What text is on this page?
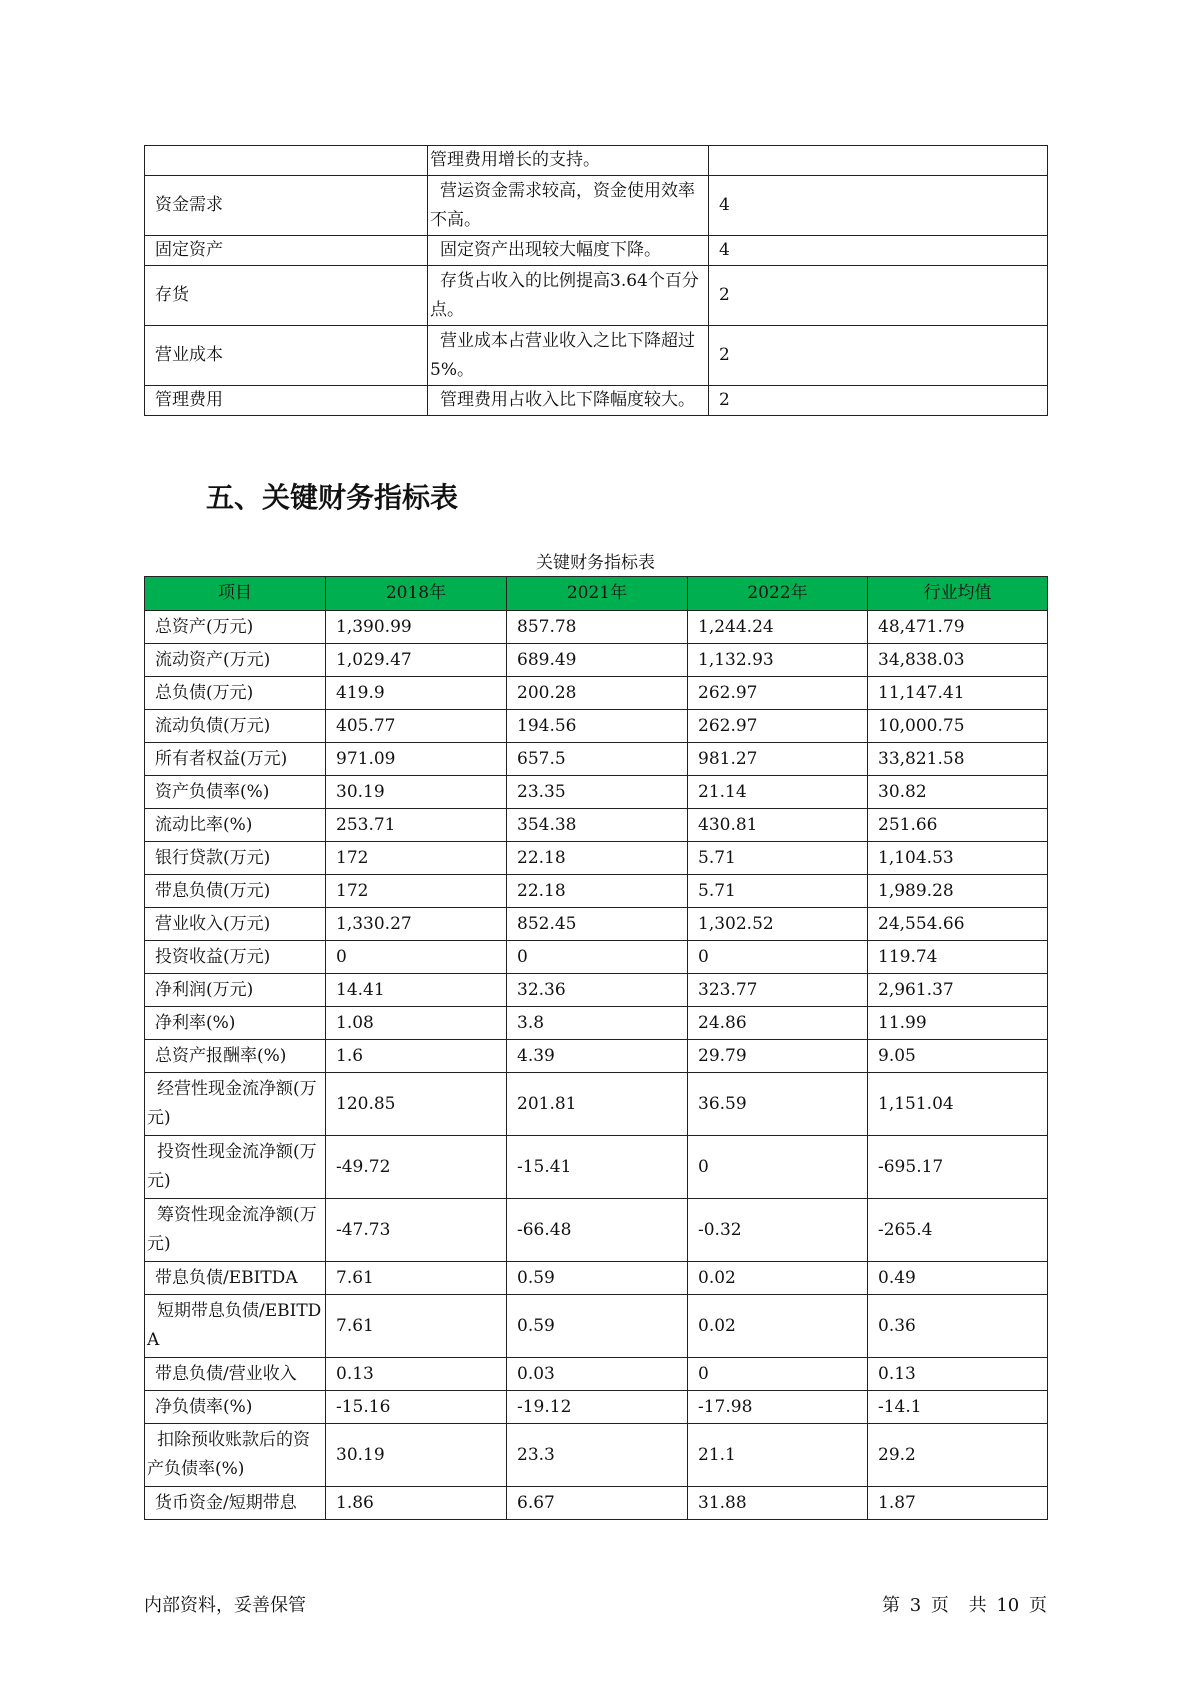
	管理费用增长的支持。	

资金需求	营运资金需求较高，资金使用效率不高。	4
固定资产	固定资产出现较大幅度下降。	4
存货	存货占收入的比例提高3.64个百分点。	2
营业成本	营业成本占营业收入之比下降超过5%。	2
管理费用	管理费用占收入比下降幅度较大。	2
五、关键财务指标表
关键财务指标表
项目	2018年	2021年	2022年	行业均值
总资产(万元)	1,390.99	857.78	1,244.24	48,471.79
流动资产(万元)	1,029.47	689.49	1,132.93	34,838.03
总负债(万元)	419.9	200.28	262.97	11,147.41
流动负债(万元)	405.77	194.56	262.97	10,000.75
所有者权益(万元)	971.09	657.5	981.27	33,821.58
资产负债率(%)	30.19	23.35	21.14	30.82
流动比率(%)	253.71	354.38	430.81	251.66
银行贷款(万元)	172	22.18	5.71	1,104.53
带息负债(万元)	172	22.18	5.71	1,989.28
营业收入(万元)	1,330.27	852.45	1,302.52	24,554.66
投资收益(万元)	0	0	0	119.74
净利润(万元)	14.41	32.36	323.77	2,961.37
净利率(%)	1.08	3.8	24.86	11.99
总资产报酬率(%)	1.6	4.39	29.79	9.05
经营性现金流净额(万元)	120.85	201.81	36.59	1,151.04
投资性现金流净额(万元)	-49.72	-15.41	0	-695.17
筹资性现金流净额(万元)	-47.73	-66.48	-0.32	-265.4
带息负债/EBITDA	7.61	0.59	0.02	0.49
短期带息负债/EBITDA	7.61	0.59	0.02	0.36
带息负债/营业收入	0.13	0.03	0	0.13
净负债率(%)	-15.16	-19.12	-17.98	-14.1
扣除预收账款后的资产负债率(%)	30.19	23.3	21.1	29.2
货币资金/短期带息	1.86	6.67	31.88	1.87
内部资料，妥善保管	第 3 页 共 10 页
